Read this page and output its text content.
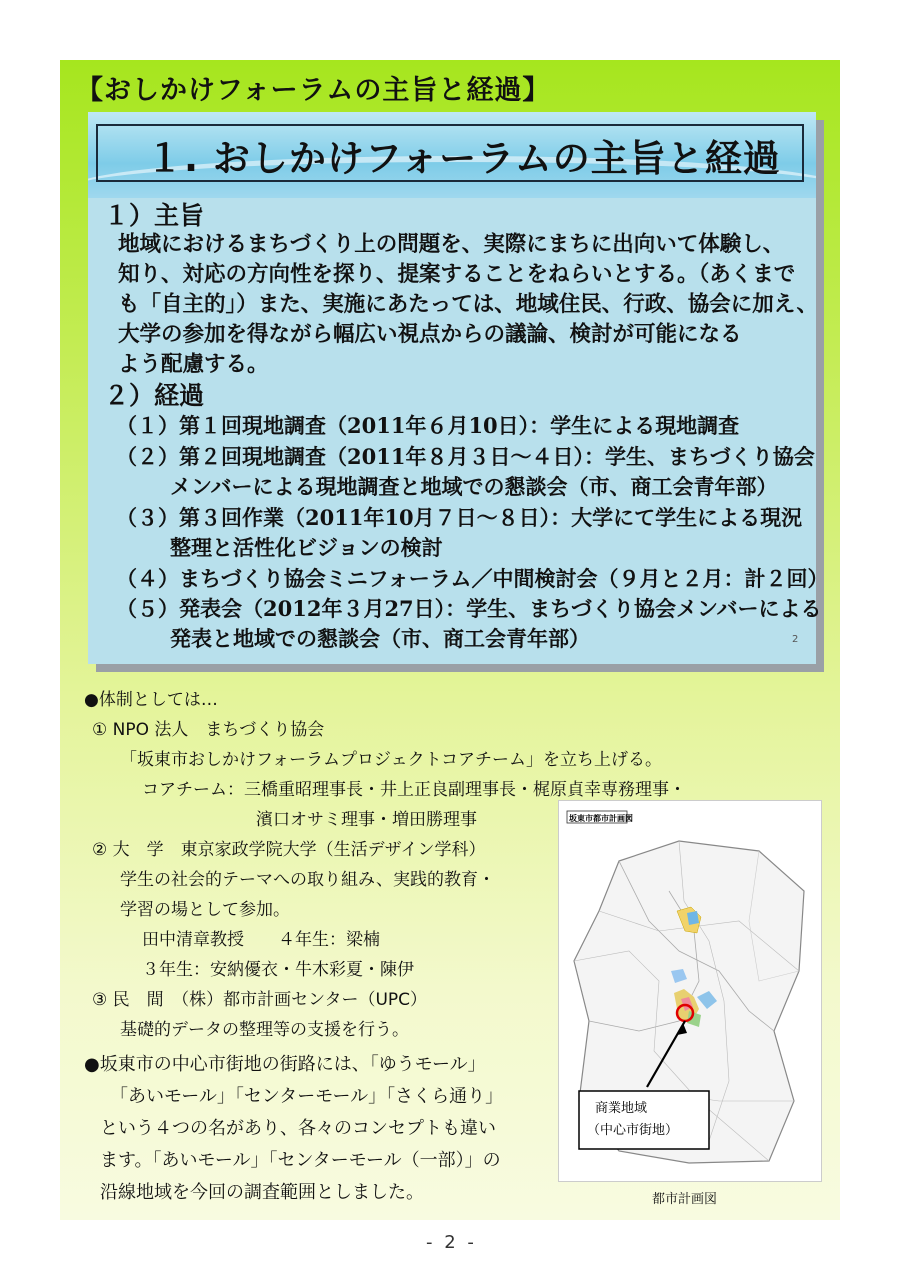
【おしかけフォーラムの主旨と経過】
１. おしかけフォーラムの主旨と経過
１）主旨
地域におけるまちづくり上の問題を、実際にまちに出向いて体験し、
知り、対応の方向性を探り、提案することをねらいとする。（あくまで
も「自主的」）また、実施にあたっては、地域住民、行政、協会に加え、
大学の参加を得ながら幅広い視点からの議論、検討が可能になる
よう配慮する。
２）経過
（１）第１回現地調査（2011年６月10日）：学生による現地調査
（２）第２回現地調査（2011年８月３日～４日）：学生、まちづくり協会
メンバーによる現地調査と地域での懇談会（市、商工会青年部）
（３）第３回作業（2011年10月７日～８日）：大学にて学生による現況
整理と活性化ビジョンの検討
（４）まちづくり協会ミニフォーラム／中間検討会（９月と２月：計２回）
（５）発表会（2012年３月27日）：学生、まちづくり協会メンバーによる
発表と地域での懇談会（市、商工会青年部）	2
●体制としては…
① NPO 法人　まちづくり協会
「坂東市おしかけフォーラムプロジェクトコアチーム」を立ち上げる。
コアチーム：三橋重昭理事長・井上正良副理事長・梶原貞幸専務理事・
濱口オサミ理事・増田勝理事
② 大　学　東京家政学院大学（生活デザイン学科）
学生の社会的テーマへの取り組み、実践的教育・
学習の場として参加。
田中清章教授　　４年生：梁楠
３年生：安納優衣・牛木彩夏・陳伊
③ 民　間　（株）都市計画センター（UPC）
基礎的データの整理等の支援を行う。
●坂東市の中心市街地の街路には、「ゆうモール」
「あいモール」「センターモール」「さくら通り」
という４つの名があり、各々のコンセプトも違い
ます。「あいモール」「センターモール（一部）」の
沿線地域を今回の調査範囲としました。
坂東市都市計画図
商業地域
（中心市街地）
都市計画図
- 2 -
